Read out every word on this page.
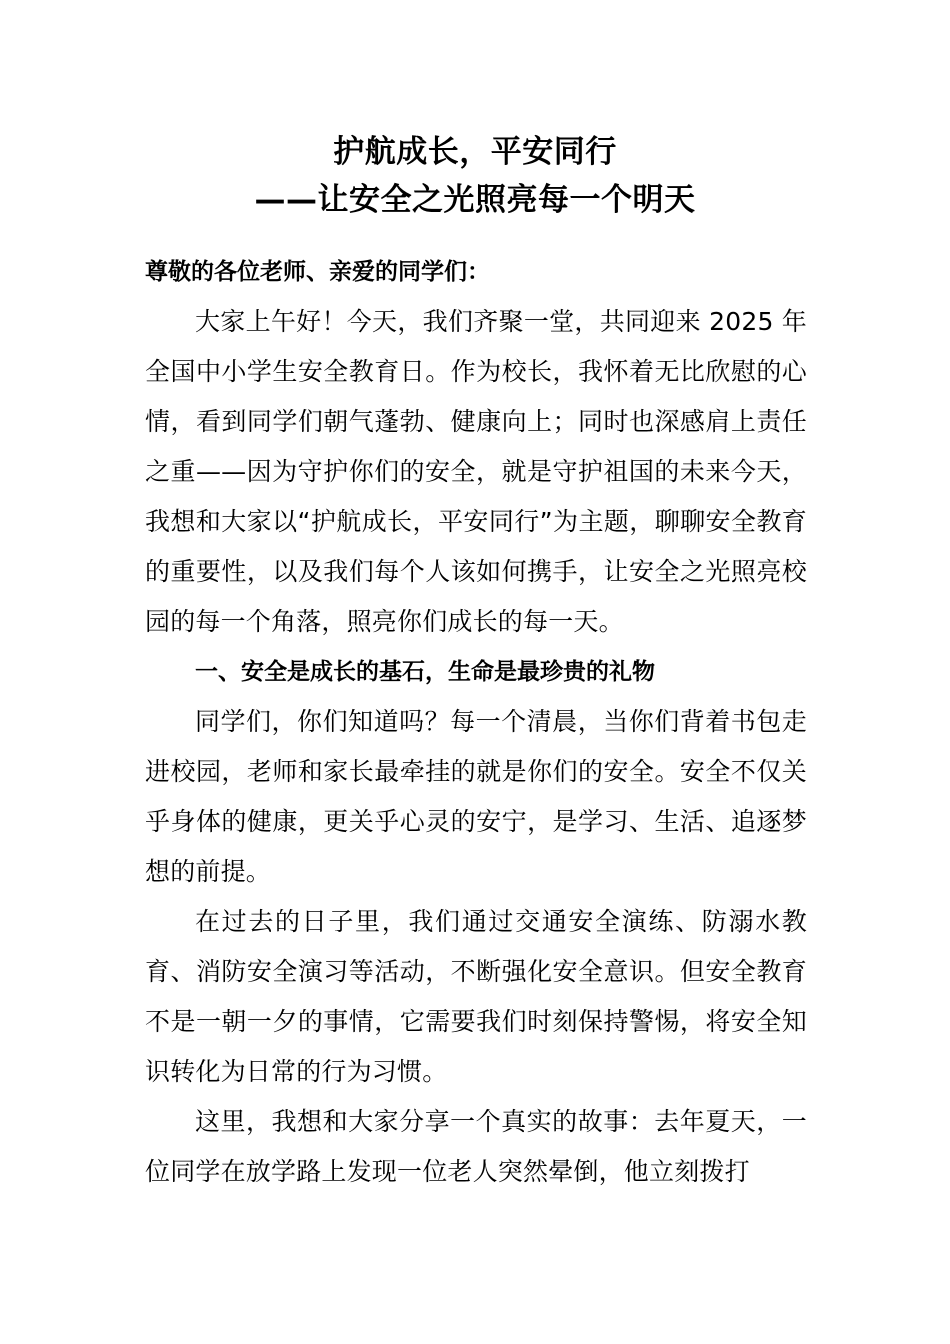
护航成长，平安同行
——让安全之光照亮每一个明天

尊敬的各位老师、亲爱的同学们：

大家上午好！今天，我们齐聚一堂，共同迎来 2025 年全国中小学生安全教育日。作为校长，我怀着无比欣慰的心情，看到同学们朝气蓬勃、健康向上；同时也深感肩上责任之重——因为守护你们的安全，就是守护祖国的未来今天，我想和大家以“护航成长，平安同行”为主题，聊聊安全教育的重要性，以及我们每个人该如何携手，让安全之光照亮校园的每一个角落，照亮你们成长的每一天。

一、安全是成长的基石，生命是最珍贵的礼物

同学们，你们知道吗？每一个清晨，当你们背着书包走进校园，老师和家长最牵挂的就是你们的安全。安全不仅关乎身体的健康，更关乎心灵的安宁，是学习、生活、追逐梦想的前提。

在过去的日子里，我们通过交通安全演练、防溺水教育、消防安全演习等活动，不断强化安全意识。但安全教育不是一朝一夕的事情，它需要我们时刻保持警惕，将安全知识转化为日常的行为习惯。

这里，我想和大家分享一个真实的故事：去年夏天，一位同学在放学路上发现一位老人突然晕倒，他立刻拨打
